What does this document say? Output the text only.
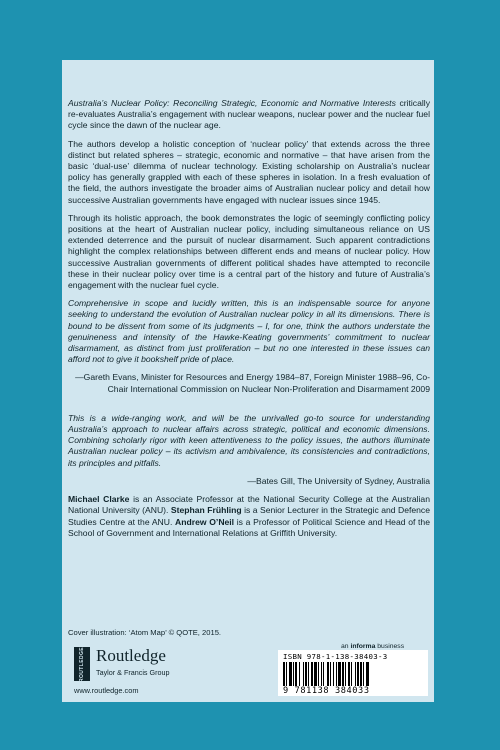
Australia’s Nuclear Policy: Reconciling Strategic, Economic and Normative Interests critically re-evaluates Australia’s engagement with nuclear weapons, nuclear power and the nuclear fuel cycle since the dawn of the nuclear age.

The authors develop a holistic conception of ‘nuclear policy’ that extends across the three distinct but related spheres – strategic, economic and normative – that have arisen from the basic ‘dual-use’ dilemma of nuclear technology. Existing scholarship on Australia’s nuclear policy has generally grappled with each of these spheres in isolation. In a fresh evaluation of the field, the authors investigate the broader aims of Australian nuclear policy and detail how successive Australian governments have engaged with nuclear issues since 1945.

Through its holistic approach, the book demonstrates the logic of seemingly conflicting policy positions at the heart of Australian nuclear policy, including simultaneous reliance on US extended deterrence and the pursuit of nuclear disarmament. Such apparent contradictions highlight the complex relationships between different ends and means of nuclear policy. How successive Australian governments of different political shades have attempted to reconcile these in their nuclear policy over time is a central part of the history and future of Australia’s engagement with the nuclear fuel cycle.

Comprehensive in scope and lucidly written, this is an indispensable source for anyone seeking to understand the evolution of Australian nuclear policy in all its dimensions. There is bound to be dissent from some of its judgments – I, for one, think the authors understate the genuineness and intensity of the Hawke-Keating governments’ commitment to nuclear disarmament, as distinct from just proliferation – but no one interested in these issues can afford not to give it bookshelf pride of place.

—Gareth Evans, Minister for Resources and Energy 1984–87, Foreign Minister 1988–96, Co-Chair International Commission on Nuclear Non-Proliferation and Disarmament 2009

This is a wide-ranging work, and will be the unrivalled go-to source for understanding Australia’s approach to nuclear affairs across strategic, political and economic dimensions. Combining scholarly rigor with keen attentiveness to the policy issues, the authors illuminate Australian nuclear policy – its activism and ambivalence, its consistencies and contradictions, its principles and pitfalls.

—Bates Gill, The University of Sydney, Australia

Michael Clarke is an Associate Professor at the National Security College at the Australian National University (ANU). Stephan Frühling is a Senior Lecturer in the Strategic and Defence Studies Centre at the ANU. Andrew O’Neil is a Professor of Political Science and Head of the School of Government and International Relations at Griffith University.

Cover illustration: ‘Atom Map’ © QOTE, 2015.
an informa business
ISBN 978-1-138-38403-3
9 781138 384033
ROUTLEDGE Routledge
Taylor & Francis Group
www.routledge.com
